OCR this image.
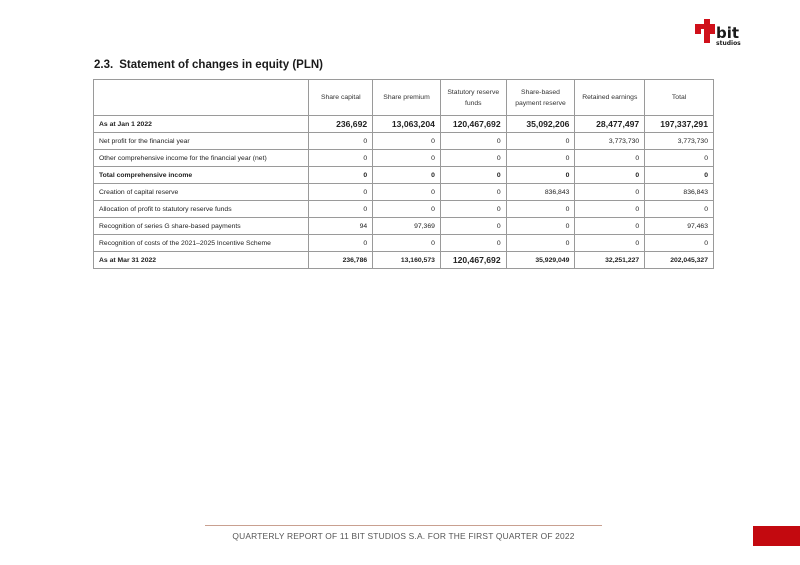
bit
studios
2.3. Statement of changes in equity (PLN)
	Share capital	Share premium	Statutory reserve funds	Share-based payment reserve	Retained earnings	Total
As at Jan 1 2022	236,692	13,063,204	120,467,692	35,092,206	28,477,497	197,337,291
Net profit for the financial year	0	0	0	0	3,773,730	3,773,730
Other comprehensive income for the financial year (net)	0	0	0	0	0	0
Total comprehensive income	0	0	0	0	0	0
Creation of capital reserve	0	0	0	836,843	0	836,843
Allocation of profit to statutory reserve funds	0	0	0	0	0	0
Recognition of series G share-based payments	94	97,369	0	0	0	97,463
Recognition of costs of the 2021–2025 Incentive Scheme	0	0	0	0	0	0
As at Mar 31 2022	236,786	13,160,573	120,467,692	35,929,049	32,251,227	202,045,327
QUARTERLY REPORT OF 11 BIT STUDIOS S.A. FOR THE FIRST QUARTER OF 2022
